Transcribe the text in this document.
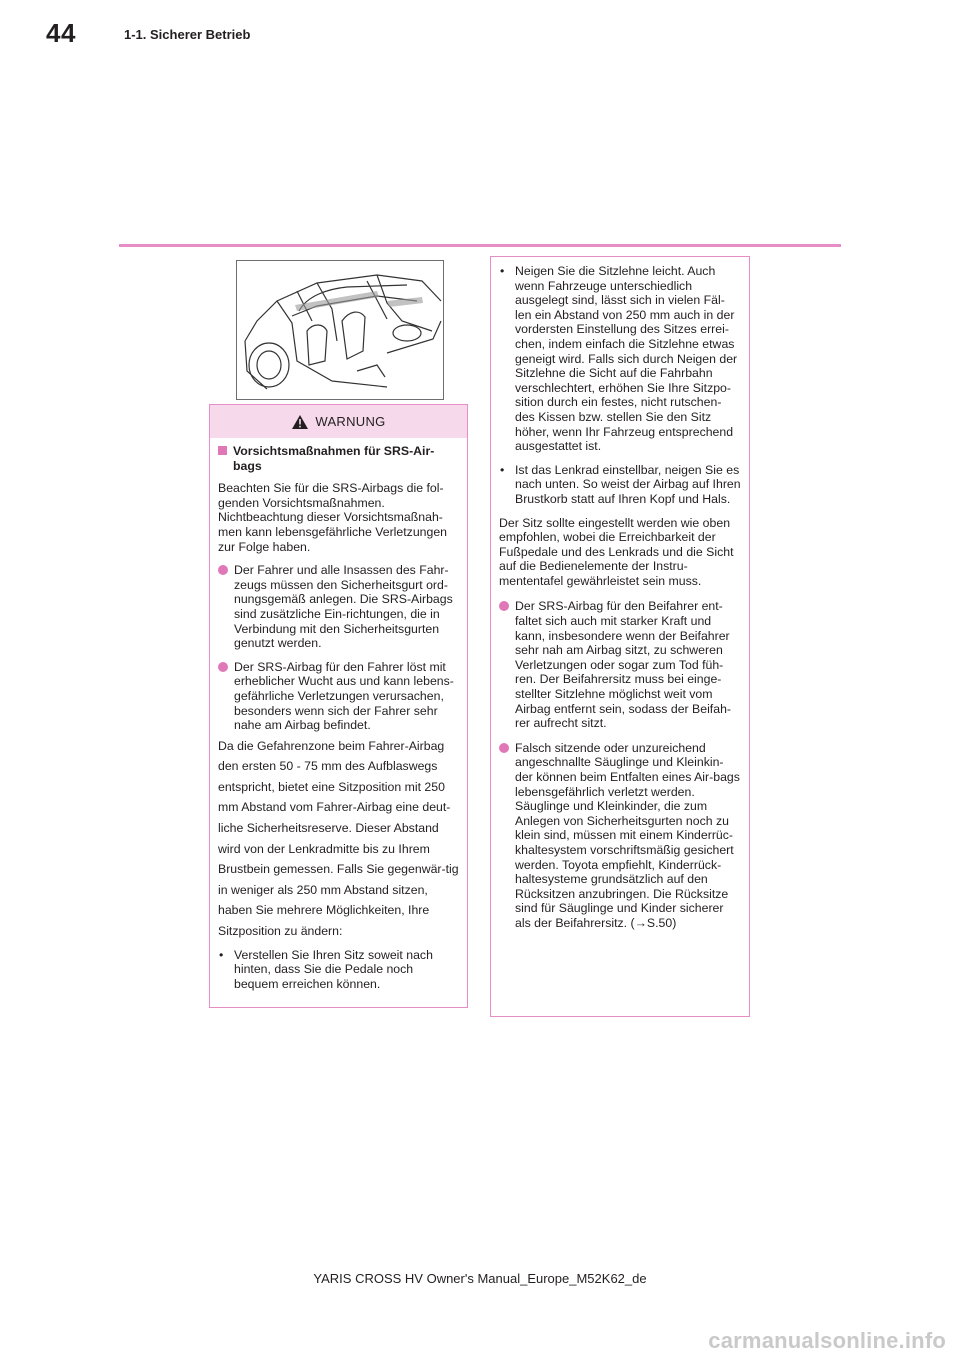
44	1-1. Sicherer Betrieb
WARNUNG
Vorsichtsmaßnahmen für SRS-Air-bags
Beachten Sie für die SRS-Airbags die fol-genden Vorsichtsmaßnahmen. Nichtbeachtung dieser Vorsichtsmaßnah-men kann lebensgefährliche Verletzungen zur Folge haben.
Der Fahrer und alle Insassen des Fahr-zeugs müssen den Sicherheitsgurt ord-nungsgemäß anlegen. Die SRS-Airbags sind zusätzliche Ein-richtungen, die in Verbindung mit den Sicherheitsgurten genutzt werden.
Der SRS-Airbag für den Fahrer löst mit erheblicher Wucht aus und kann lebens-gefährliche Verletzungen verursachen, besonders wenn sich der Fahrer sehr nahe am Airbag befindet.
Da die Gefahrenzone beim Fahrer-Airbag den ersten 50 - 75 mm des Aufblaswegs entspricht, bietet eine Sitzposition mit 250 mm Abstand vom Fahrer-Airbag eine deut-liche Sicherheitsreserve. Dieser Abstand wird von der Lenkradmitte bis zu Ihrem Brustbein gemessen. Falls Sie gegenwär-tig in weniger als 250 mm Abstand sitzen, haben Sie mehrere Möglichkeiten, Ihre Sitzposition zu ändern:
• Verstellen Sie Ihren Sitz soweit nach hinten, dass Sie die Pedale noch bequem erreichen können.
• Neigen Sie die Sitzlehne leicht. Auch wenn Fahrzeuge unterschiedlich ausgelegt sind, lässt sich in vielen Fäl-len ein Abstand von 250 mm auch in der vordersten Einstellung des Sitzes errei-chen, indem einfach die Sitzlehne etwas geneigt wird. Falls sich durch Neigen der Sitzlehne die Sicht auf die Fahrbahn verschlechtert, erhöhen Sie Ihre Sitzpo-sition durch ein festes, nicht rutschen-des Kissen bzw. stellen Sie den Sitz höher, wenn Ihr Fahrzeug entsprechend ausgestattet ist.
• Ist das Lenkrad einstellbar, neigen Sie es nach unten. So weist der Airbag auf Ihren Brustkorb statt auf Ihren Kopf und Hals.
Der Sitz sollte eingestellt werden wie oben empfohlen, wobei die Erreichbarkeit der Fußpedale und des Lenkrads und die Sicht auf die Bedienelemente der Instru-mententafel gewährleistet sein muss.
Der SRS-Airbag für den Beifahrer ent-faltet sich auch mit starker Kraft und kann, insbesondere wenn der Beifahrer sehr nah am Airbag sitzt, zu schweren Verletzungen oder sogar zum Tod füh-ren. Der Beifahrersitz muss bei einge-stellter Sitzlehne möglichst weit vom Airbag entfernt sein, sodass der Beifah-rer aufrecht sitzt.
Falsch sitzende oder unzureichend angeschnallte Säuglinge und Kleinkin-der können beim Entfalten eines Air-bags lebensgefährlich verletzt werden. Säuglinge und Kleinkinder, die zum Anlegen von Sicherheitsgurten noch zu klein sind, müssen mit einem Kinderrüc-khaltesystem vorschriftsmäßig gesichert werden. Toyota empfiehlt, Kinderrück-haltesysteme grundsätzlich auf den Rücksitzen anzubringen. Die Rücksitze sind für Säuglinge und Kinder sicherer als der Beifahrersitz. (→S.50)
YARIS CROSS HV Owner's Manual_Europe_M52K62_de
carmanualsonline.info
